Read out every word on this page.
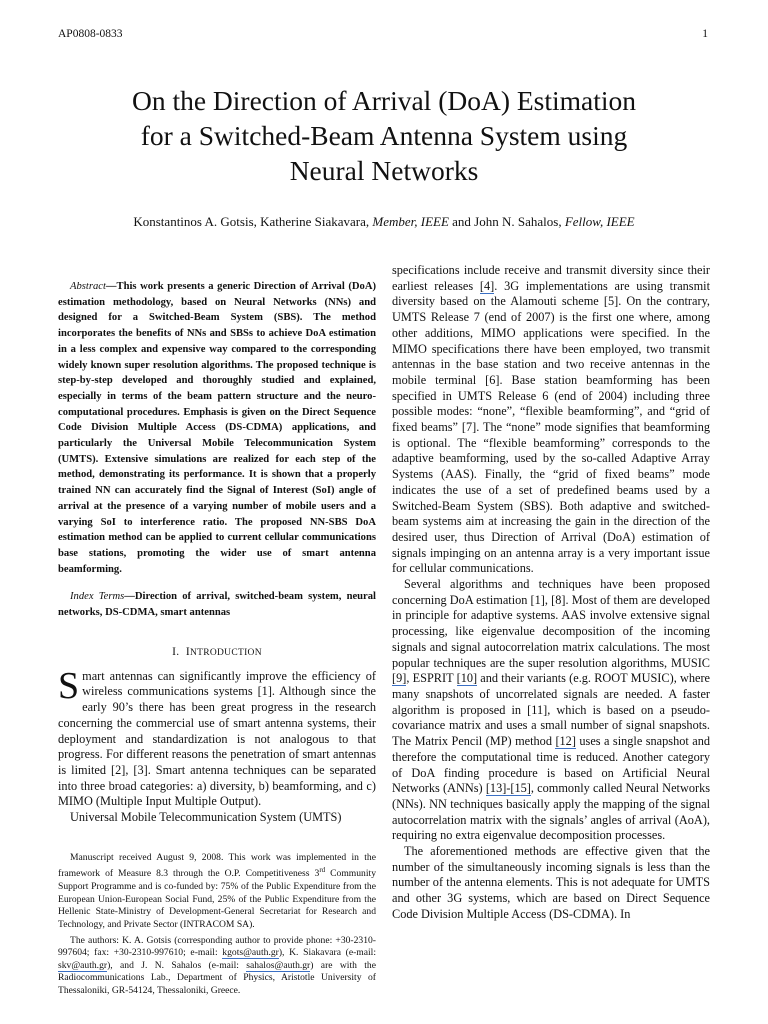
AP0808-0833	1
On the Direction of Arrival (DoA) Estimation
for a Switched-Beam Antenna System using
Neural Networks
Konstantinos A. Gotsis, Katherine Siakavara, Member, IEEE and John N. Sahalos, Fellow, IEEE

Abstract—This work presents a generic Direction of Arrival (DoA) estimation methodology, based on Neural Networks (NNs) and designed for a Switched-Beam System (SBS). The method incorporates the benefits of NNs and SBSs to achieve DoA estimation in a less complex and expensive way compared to the corresponding widely known super resolution algorithms. The proposed technique is step-by-step developed and thoroughly studied and explained, especially in terms of the beam pattern structure and the neuro-computational procedures. Emphasis is given on the Direct Sequence Code Division Multiple Access (DS-CDMA) applications, and particularly the Universal Mobile Telecommunication System (UMTS). Extensive simulations are realized for each step of the method, demonstrating its performance. It is shown that a properly trained NN can accurately find the Signal of Interest (SoI) angle of arrival at the presence of a varying number of mobile users and a varying SoI to interference ratio. The proposed NN-SBS DoA estimation method can be applied to current cellular communications base stations, promoting the wider use of smart antenna beamforming.

Index Terms—Direction of arrival, switched-beam system, neural networks, DS-CDMA, smart antennas

I. INTRODUCTION

Smart antennas can significantly improve the efficiency of wireless communications systems [1]. Although since the early 90’s there has been great progress in the research concerning the commercial use of smart antenna systems, their deployment and standardization is not analogous to that progress. For different reasons the penetration of smart antennas is limited [2], [3]. Smart antenna techniques can be separated into three broad categories: a) diversity, b) beamforming, and c) MIMO (Multiple Input Multiple Output).

Universal Mobile Telecommunication System (UMTS)

Manuscript received August 9, 2008. This work was implemented in the framework of Measure 8.3 through the O.P. Competitiveness 3rd Community Support Programme and is co-funded by: 75% of the Public Expenditure from the European Union-European Social Fund, 25% of the Public Expenditure from the Hellenic State-Ministry of Development-General Secretariat for Research and Technology, and Private Sector (INTRACOM SA).

The authors: K. A. Gotsis (corresponding author to provide phone: +30-2310-997604; fax: +30-2310-997610; e-mail: kgots@auth.gr), K. Siakavara (e-mail: skv@auth.gr), and J. N. Sahalos (e-mail: sahalos@auth.gr) are with the Radiocommunications Lab., Department of Physics, Aristotle University of Thessaloniki, GR-54124, Thessaloniki, Greece.

specifications include receive and transmit diversity since their earliest releases [4]. 3G implementations are using transmit diversity based on the Alamouti scheme [5]. On the contrary, UMTS Release 7 (end of 2007) is the first one where, among other additions, MIMO applications were specified. In the MIMO specifications there have been employed, two transmit antennas in the base station and two receive antennas in the mobile terminal [6]. Base station beamforming has been specified in UMTS Release 6 (end of 2004) including three possible modes: “none”, “flexible beamforming”, and “grid of fixed beams” [7]. The “none” mode signifies that beamforming is optional. The “flexible beamforming” corresponds to the adaptive beamforming, used by the so-called Adaptive Array Systems (AAS). Finally, the “grid of fixed beams” mode indicates the use of a set of predefined beams used by a Switched-Beam System (SBS). Both adaptive and switched-beam systems aim at increasing the gain in the direction of the desired user, thus Direction of Arrival (DoA) estimation of signals impinging on an antenna array is a very important issue for cellular communications.

Several algorithms and techniques have been proposed concerning DoA estimation [1], [8]. Most of them are developed in principle for adaptive systems. AAS involve extensive signal processing, like eigenvalue decomposition of the incoming signals and signal autocorrelation matrix calculations. The most popular techniques are the super resolution algorithms, MUSIC [9], ESPRIT [10] and their variants (e.g. ROOT MUSIC), where many snapshots of uncorrelated signals are needed. A faster algorithm is proposed in [11], which is based on a pseudo-covariance matrix and uses a small number of signal snapshots. The Matrix Pencil (MP) method [12] uses a single snapshot and therefore the computational time is reduced. Another category of DoA finding procedure is based on Artificial Neural Networks (ANNs) [13]-[15], commonly called Neural Networks (NNs). NN techniques basically apply the mapping of the signal autocorrelation matrix with the signals’ angles of arrival (AoA), requiring no extra eigenvalue decomposition processes.

The aforementioned methods are effective given that the number of the simultaneously incoming signals is less than the number of the antenna elements. This is not adequate for UMTS and other 3G systems, which are based on Direct Sequence Code Division Multiple Access (DS-CDMA). In
